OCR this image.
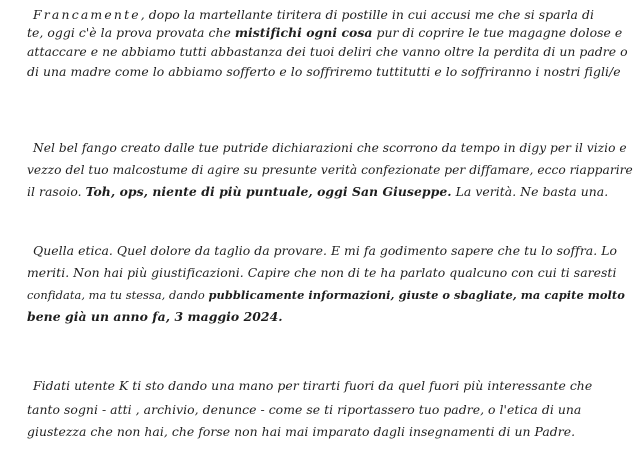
Francamente, dopo la martellante tiritera di postille in cui accusi me che si sparla di
te, oggi c'è la prova provata che mistifichi ogni cosa pur di coprire le tue magagne dolose e
attaccare e ne abbiamo tutti abbastanza dei tuoi deliri che vanno oltre la perdita di un padre o
di una madre come lo abbiamo sofferto e lo soffriremo tuttitutti e lo soffriranno i nostri figli/e
Nel bel fango creato dalle tue putride dichiarazioni che scorrono da tempo in digy per il vizio e
vezzo del tuo malcostume di agire su presunte verità confezionate per diffamare, ecco riapparire
il rasoio. Toh, ops, niente di più puntuale, oggi San Giuseppe. La verità. Ne basta una.
Quella etica. Quel dolore da taglio da provare. E mi fa godimento sapere che tu lo soffra. Lo
meriti. Non hai più giustificazioni. Capire che non di te ha parlato qualcuno con cui ti saresti
confidata, ma tu stessa, dando pubblicamente informazioni, giuste o sbagliate, ma capite molto
bene già un anno fa, 3 maggio 2024.
Fidati utente K ti sto dando una mano per tirarti fuori da quel fuori più interessante che
tanto sogni - atti , archivio, denunce - come se ti riportassero tuo padre, o l'etica di una
giustezza che non hai, che forse non hai mai imparato dagli insegnamenti di un Padre.
